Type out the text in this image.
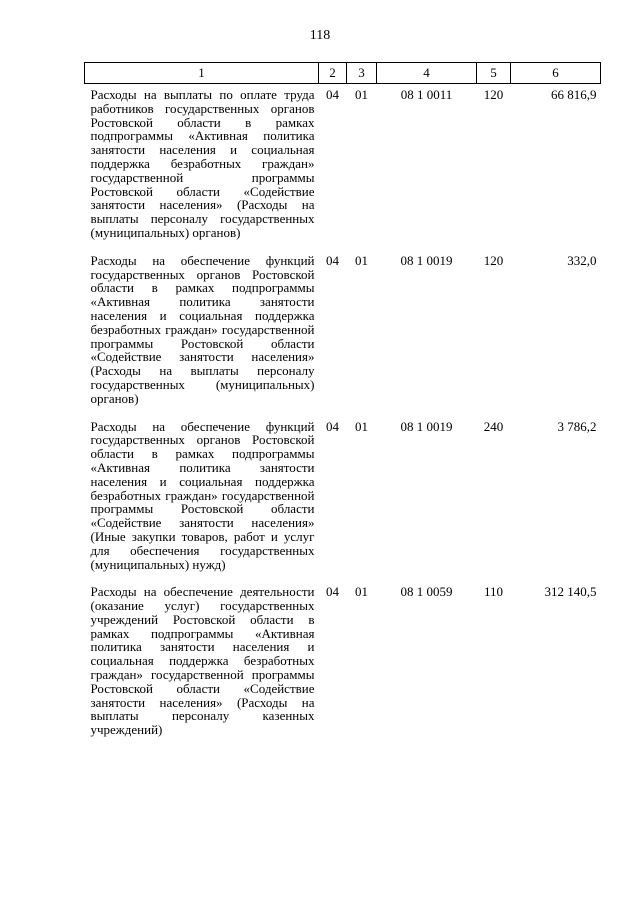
118
1	2	3	4	5	6
Расходы на выплаты по оплате труда работников государственных органов Ростовской области в рамках подпрограммы «Активная политика занятости населения и социальная поддержка безработных граждан» государственной программы Ростовской области «Содействие занятости населения» (Расходы на выплаты персоналу государственных (муниципальных) органов)	04	01	08 1 0011	120	66 816,9
Расходы на обеспечение функций государственных органов Ростовской области в рамках подпрограммы «Активная политика занятости населения и социальная поддержка безработных граждан» государственной программы Ростовской области «Содействие занятости населения» (Расходы на выплаты персоналу государственных (муниципальных) органов)	04	01	08 1 0019	120	332,0
Расходы на обеспечение функций государственных органов Ростовской области в рамках подпрограммы «Активная политика занятости населения и социальная поддержка безработных граждан» государственной программы Ростовской области «Содействие занятости населения» (Иные закупки товаров, работ и услуг для обеспечения государственных (муниципальных) нужд)	04	01	08 1 0019	240	3 786,2
Расходы на обеспечение деятельности (оказание услуг) государственных учреждений Ростовской области в рамках подпрограммы «Активная политика занятости населения и социальная поддержка безработных граждан» государственной программы Ростовской области «Содействие занятости населения» (Расходы на выплаты персоналу казенных учреждений)	04	01	08 1 0059	110	312 140,5
